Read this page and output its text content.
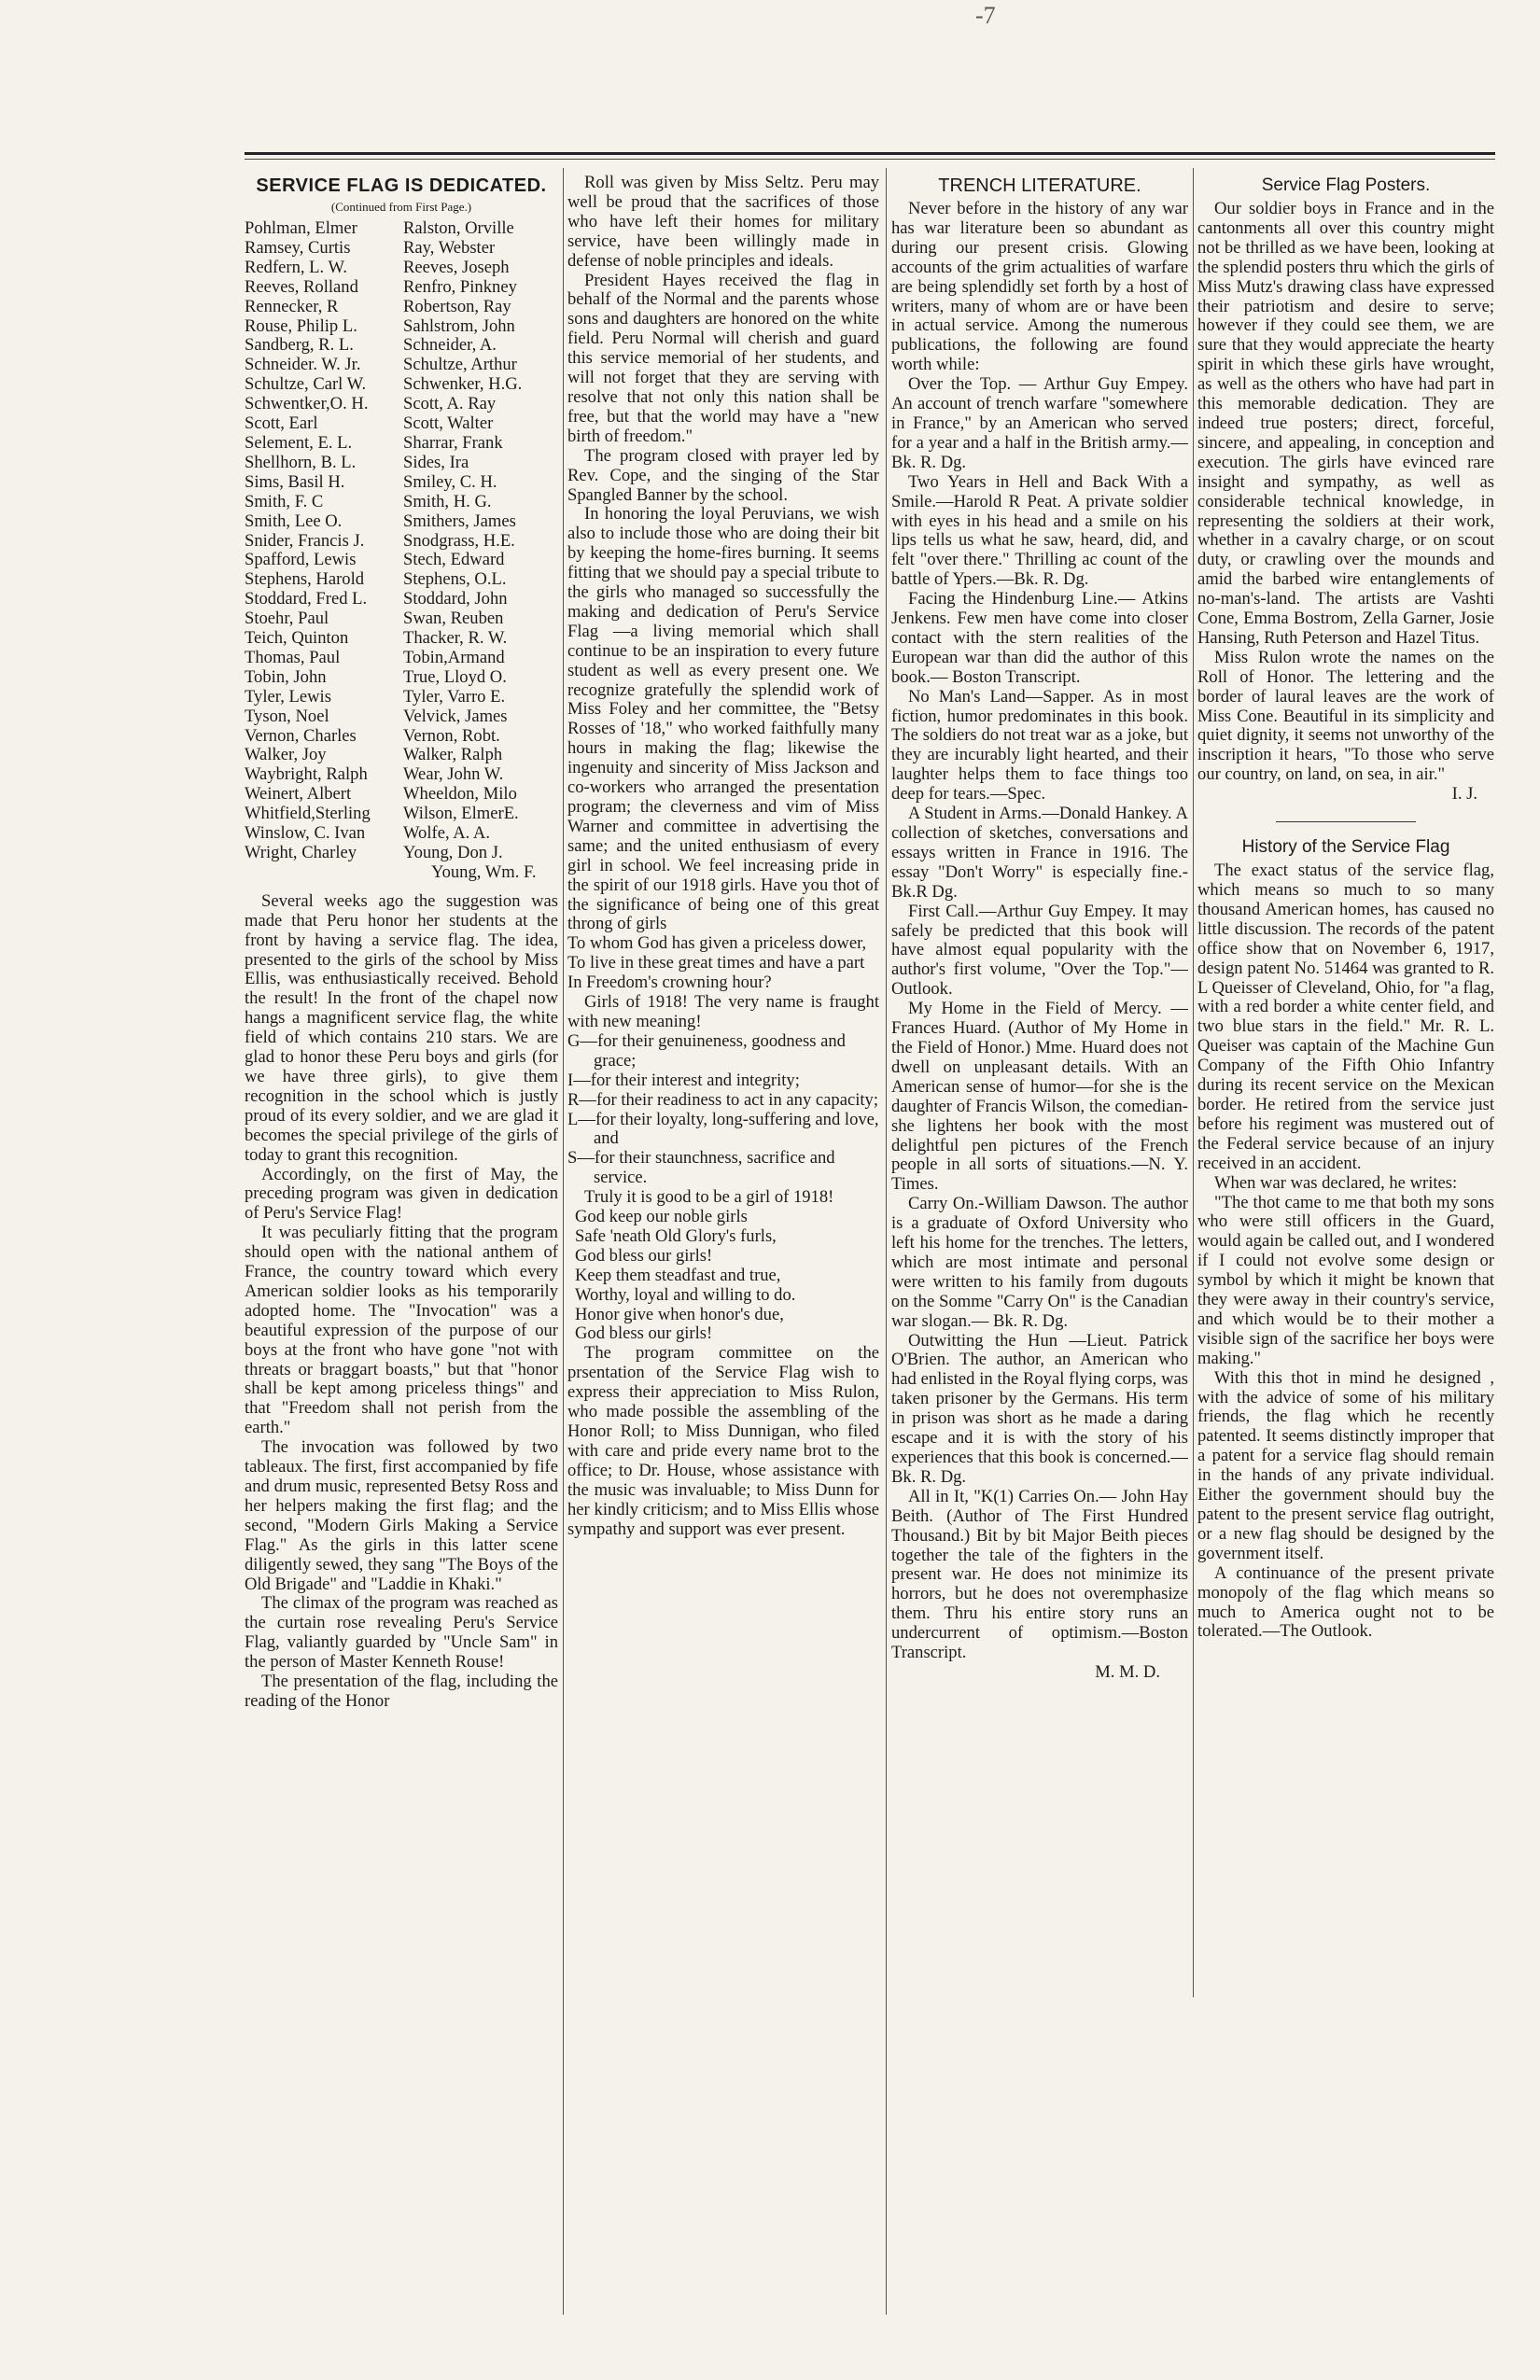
-7
SERVICE FLAG IS DEDICATED.
(Continued from First Page.)
Pohlman, Elmer	Ralston, Orville
Ramsey, Curtis	Ray, Webster
Redfern, L. W.	Reeves, Joseph
Reeves, Rolland	Renfro, Pinkney
Rennecker, R	Robertson, Ray
Rouse, Philip L.	Sahlstrom, John
Sandberg, R. L.	Schneider, A.
Schneider. W. Jr.	Schultze, Arthur
Schultze, Carl W.	Schwenker, H.G.
Schwentker,O. H.	Scott, A. Ray
Scott, Earl	Scott, Walter
Selement, E. L.	Sharrar, Frank
Shellhorn, B. L.	Sides, Ira
Sims, Basil H.	Smiley, C. H.
Smith, F. C	Smith, H. G.
Smith, Lee O.	Smithers, James
Snider, Francis J.	Snodgrass, H.E.
Spafford, Lewis	Stech, Edward
Stephens, Harold	Stephens, O.L.
Stoddard, Fred L.	Stoddard, John
Stoehr, Paul	Swan, Reuben
Teich, Quinton	Thacker, R. W.
Thomas, Paul	Tobin,Armand
Tobin, John	True, Lloyd O.
Tyler, Lewis	Tyler, Varro E.
Tyson, Noel	Velvick, James
Vernon, Charles	Vernon, Robt.
Walker, Joy	Walker, Ralph
Waybright, Ralph	Wear, John W.
Weinert, Albert	Wheeldon, Milo
Whitfield,Sterling	Wilson, ElmerE.
Winslow, C. Ivan	Wolfe, A. A.
Wright, Charley	Young, Don J.
Young, Wm. F.

Several weeks ago the suggestion was made that Peru honor her students at the front by having a service flag. The idea, presented to the girls of the school by Miss Ellis, was enthusiastically received. Behold the result! In the front of the chapel now hangs a magnificent service flag, the white field of which contains 210 stars. We are glad to honor these Peru boys and girls (for we have three girls), to give them recognition in the school which is justly proud of its every soldier, and we are glad it becomes the special privilege of the girls of today to grant this recognition.

Accordingly, on the first of May, the preceding program was given in dedication of Peru's Service Flag!

It was peculiarly fitting that the program should open with the national anthem of France, the country toward which every American soldier looks as his temporarily adopted home. The "Invocation" was a beautiful expression of the purpose of our boys at the front who have gone "not with threats or braggart boasts," but that "honor shall be kept among priceless things" and that "Freedom shall not perish from the earth."

The invocation was followed by two tableaux. The first, first accompanied by fife and drum music, represented Betsy Ross and her helpers making the first flag; and the second, "Modern Girls Making a Service Flag." As the girls in this latter scene diligently sewed, they sang "The Boys of the Old Brigade" and "Laddie in Khaki."

The climax of the program was reached as the curtain rose revealing Peru's Service Flag, valiantly guarded by "Uncle Sam" in the person of Master Kenneth Rouse!

The presentation of the flag, including the reading of the Honor

Roll was given by Miss Seltz. Peru may well be proud that the sacrifices of those who have left their homes for military service, have been willingly made in defense of noble principles and ideals.

President Hayes received the flag in behalf of the Normal and the parents whose sons and daughters are honored on the white field. Peru Normal will cherish and guard this service memorial of her students, and will not forget that they are serving with resolve that not only this nation shall be free, but that the world may have a "new birth of freedom."

The program closed with prayer led by Rev. Cope, and the singing of the Star Spangled Banner by the school.

In honoring the loyal Peruvians, we wish also to include those who are doing their bit by keeping the home-fires burning. It seems fitting that we should pay a special tribute to the girls who managed so successfully the making and dedication of Peru's Service Flag —a living memorial which shall continue to be an inspiration to every future student as well as every present one. We recognize gratefully the splendid work of Miss Foley and her committee, the "Betsy Rosses of '18," who worked faithfully many hours in making the flag; likewise the ingenuity and sincerity of Miss Jackson and co-workers who arranged the presentation program; the cleverness and vim of Miss Warner and committee in advertising the same; and the united enthusiasm of every girl in school. We feel increasing pride in the spirit of our 1918 girls. Have you thot of the significance of being one of this great throng of girls

To whom God has given a priceless dower,
To live in these great times and have a part
In Freedom's crowning hour?

Girls of 1918! The very name is fraught with new meaning!

G—for their genuineness, goodness and grace;
I—for their interest and integrity;
R—for their readiness to act in any capacity;
L—for their loyalty, long-suffering and love, and
S—for their staunchness, sacrifice and service.

Truly it is good to be a girl of 1918!

God keep our noble girls
Safe 'neath Old Glory's furls,
God bless our girls!
Keep them steadfast and true,
Worthy, loyal and willing to do.
Honor give when honor's due,
God bless our girls!

The program committee on the prsentation of the Service Flag wish to express their appreciation to Miss Rulon, who made possible the assembling of the Honor Roll; to Miss Dunnigan, who filed with care and pride every name brot to the office; to Dr. House, whose assistance with the music was invaluable; to Miss Dunn for her kindly criticism; and to Miss Ellis whose sympathy and support was ever present.

TRENCH LITERATURE.

Never before in the history of any war has war literature been so abundant as during our present crisis. Glowing accounts of the grim actualities of warfare are being splendidly set forth by a host of writers, many of whom are or have been in actual service. Among the numerous publications, the following are found worth while:

Over the Top. — Arthur Guy Empey. An account of trench warfare "somewhere in France," by an American who served for a year and a half in the British army.—Bk. R. Dg.

Two Years in Hell and Back With a Smile.—Harold R Peat. A private soldier with eyes in his head and a smile on his lips tells us what he saw, heard, did, and felt "over there." Thrilling ac count of the battle of Ypers.—Bk. R. Dg.

Facing the Hindenburg Line.— Atkins Jenkens. Few men have come into closer contact with the stern realities of the European war than did the author of this book.— Boston Transcript.

No Man's Land—Sapper. As in most fiction, humor predominates in this book. The soldiers do not treat war as a joke, but they are incurably light hearted, and their laughter helps them to face things too deep for tears.—Spec.

A Student in Arms.—Donald Hankey. A collection of sketches, conversations and essays written in France in 1916. The essay "Don't Worry" is especially fine.-Bk.R Dg.

First Call.—Arthur Guy Empey. It may safely be predicted that this book will have almost equal popularity with the author's first volume, "Over the Top."—Outlook.

My Home in the Field of Mercy. —Frances Huard. (Author of My Home in the Field of Honor.) Mme. Huard does not dwell on unpleasant details. With an American sense of humor—for she is the daughter of Francis Wilson, the comedian- she lightens her book with the most delightful pen pictures of the French people in all sorts of situations.—N. Y. Times.

Carry On.-William Dawson. The author is a graduate of Oxford University who left his home for the trenches. The letters, which are most intimate and personal were written to his family from dugouts on the Somme "Carry On" is the Canadian war slogan.— Bk. R. Dg.

Outwitting the Hun —Lieut. Patrick O'Brien. The author, an American who had enlisted in the Royal flying corps, was taken prisoner by the Germans. His term in prison was short as he made a daring escape and it is with the story of his experiences that this book is concerned.—Bk. R. Dg.

All in It, "K(1) Carries On.— John Hay Beith. (Author of The First Hundred Thousand.) Bit by bit Major Beith pieces together the tale of the fighters in the present war. He does not minimize its horrors, but he does not overemphasize them. Thru his entire story runs an undercurrent of optimism.—Boston Transcript.

M. M. D.
Service Flag Posters.

Our soldier boys in France and in the cantonments all over this country might not be thrilled as we have been, looking at the splendid posters thru which the girls of Miss Mutz's drawing class have expressed their patriotism and desire to serve; however if they could see them, we are sure that they would appreciate the hearty spirit in which these girls have wrought, as well as the others who have had part in this memorable dedication. They are indeed true posters; direct, forceful, sincere, and appealing, in conception and execution. The girls have evinced rare insight and sympathy, as well as considerable technical knowledge, in representing the soldiers at their work, whether in a cavalry charge, or on scout duty, or crawling over the mounds and amid the barbed wire entanglements of no-man's-land. The artists are Vashti Cone, Emma Bostrom, Zella Garner, Josie Hansing, Ruth Peterson and Hazel Titus.

Miss Rulon wrote the names on the Roll of Honor. The lettering and the border of laural leaves are the work of Miss Cone. Beautiful in its simplicity and quiet dignity, it seems not unworthy of the inscription it hears, "To those who serve our country, on land, on sea, in air."

I. J.
History of the Service Flag

The exact status of the service flag, which means so much to so many thousand American homes, has caused no little discussion. The records of the patent office show that on November 6, 1917, design patent No. 51464 was granted to R. L Queisser of Cleveland, Ohio, for "a flag, with a red border a white center field, and two blue stars in the field." Mr. R. L. Queiser was captain of the Machine Gun Company of the Fifth Ohio Infantry during its recent service on the Mexican border. He retired from the service just before his regiment was mustered out of the Federal service because of an injury received in an accident.

When war was declared, he writes:

"The thot came to me that both my sons who were still officers in the Guard, would again be called out, and I wondered if I could not evolve some design or symbol by which it might be known that they were away in their country's service, and which would be to their mother a visible sign of the sacrifice her boys were making."

With this thot in mind he designed , with the advice of some of his military friends, the flag which he recently patented. It seems distinctly improper that a patent for a service flag should remain in the hands of any private individual. Either the government should buy the patent to the present service flag outright, or a new flag should be designed by the government itself.

A continuance of the present private monopoly of the flag which means so much to America ought not to be tolerated.—The Outlook.
